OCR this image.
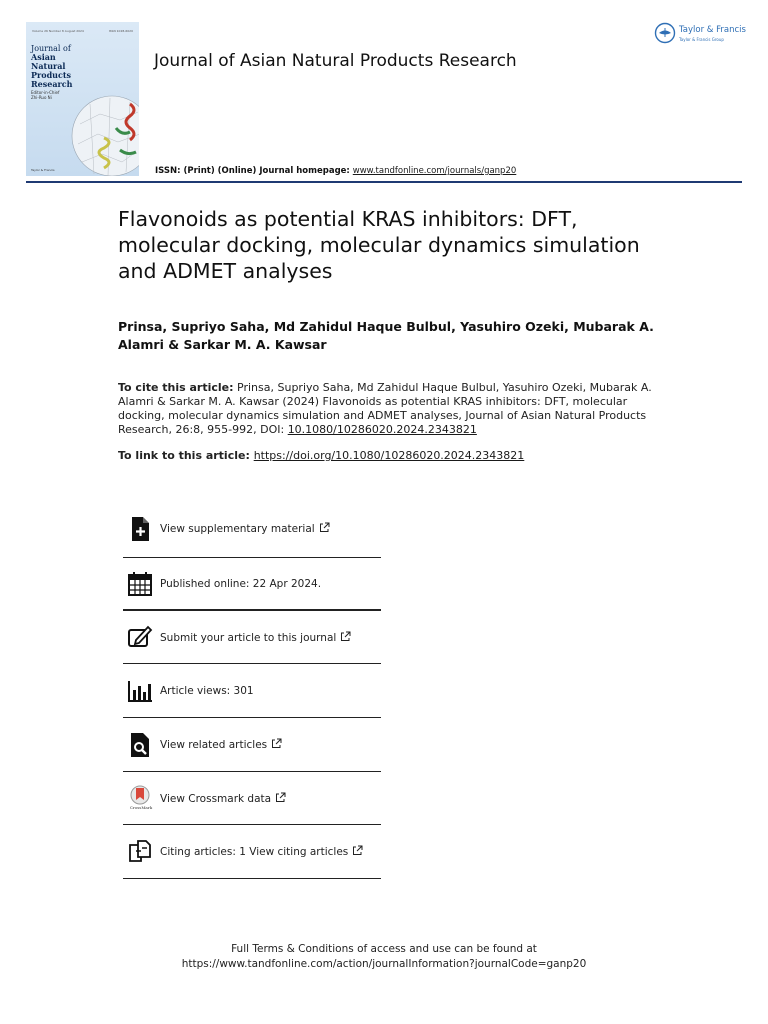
Volume 26 Number 8 August 2024	ISSN 1028-6020
Journal of
Asian Natural
Products
Research
Editor-in-Chief
Zhi-Ruo Ni
Taylor & Francis
Journal of Asian Natural Products Research
ISSN: (Print) (Online) Journal homepage: www.tandfonline.com/journals/ganp20
Taylor & Francis
Taylor & Francis Group
Flavonoids as potential KRAS inhibitors: DFT, molecular docking, molecular dynamics simulation and ADMET analyses
Prinsa, Supriyo Saha, Md Zahidul Haque Bulbul, Yasuhiro Ozeki, Mubarak A. Alamri & Sarkar M. A. Kawsar
To cite this article: Prinsa, Supriyo Saha, Md Zahidul Haque Bulbul, Yasuhiro Ozeki, Mubarak A. Alamri & Sarkar M. A. Kawsar (2024) Flavonoids as potential KRAS inhibitors: DFT, molecular docking, molecular dynamics simulation and ADMET analyses, Journal of Asian Natural Products Research, 26:8, 955-992, DOI: 10.1080/10286020.2024.2343821
To link to this article: https://doi.org/10.1080/10286020.2024.2343821
View supplementary material
Published online: 22 Apr 2024.
Submit your article to this journal
Article views: 301
View related articles
CrossMark
View Crossmark data
Citing articles: 1 View citing articles
Full Terms & Conditions of access and use can be found at
https://www.tandfonline.com/action/journalInformation?journalCode=ganp20
